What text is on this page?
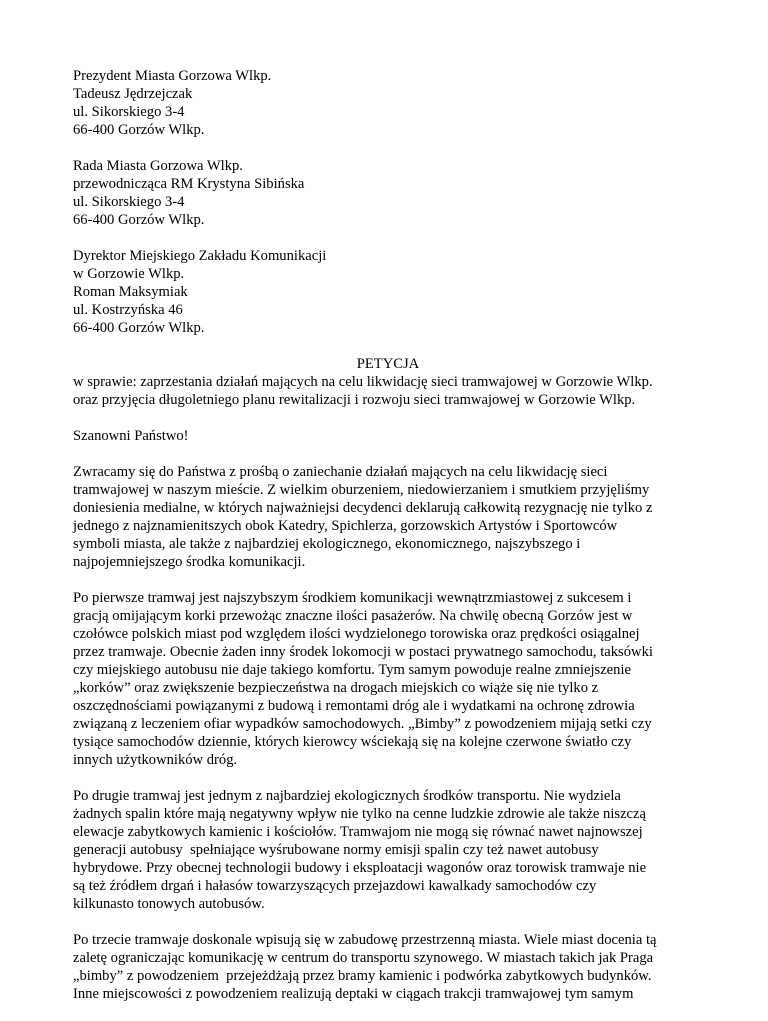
Prezydent Miasta Gorzowa Wlkp.
Tadeusz Jędrzejczak
ul. Sikorskiego 3-4
66-400 Gorzów Wlkp.
Rada Miasta Gorzowa Wlkp.
przewodnicząca RM Krystyna Sibińska
ul. Sikorskiego 3-4
66-400 Gorzów Wlkp.
Dyrektor Miejskiego Zakładu Komunikacji
w Gorzowie Wlkp.
Roman Maksymiak
ul. Kostrzyńska 46
66-400 Gorzów Wlkp.
PETYCJA
w sprawie: zaprzestania działań mających na celu likwidację sieci tramwajowej w Gorzowie Wlkp.
oraz przyjęcia długoletniego planu rewitalizacji i rozwoju sieci tramwajowej w Gorzowie Wlkp.
Szanowni Państwo!
Zwracamy się do Państwa z prośbą o zaniechanie działań mających na celu likwidację sieci
tramwajowej w naszym mieście. Z wielkim oburzeniem, niedowierzaniem i smutkiem przyjęliśmy
doniesienia medialne, w których najważniejsi decydenci deklarują całkowitą rezygnację nie tylko z
jednego z najznamienitszych obok Katedry, Spichlerza, gorzowskich Artystów i Sportowców
symboli miasta, ale także z najbardziej ekologicznego, ekonomicznego, najszybszego i
najpojemniejszego środka komunikacji.
Po pierwsze tramwaj jest najszybszym środkiem komunikacji wewnątrzmiastowej z sukcesem i
gracją omijającym korki przewożąc znaczne ilości pasażerów. Na chwilę obecną Gorzów jest w
czołówce polskich miast pod względem ilości wydzielonego torowiska oraz prędkości osiągalnej
przez tramwaje. Obecnie żaden inny środek lokomocji w postaci prywatnego samochodu, taksówki
czy miejskiego autobusu nie daje takiego komfortu. Tym samym powoduje realne zmniejszenie
„korków” oraz zwiększenie bezpieczeństwa na drogach miejskich co wiąże się nie tylko z
oszczędnościami powiązanymi z budową i remontami dróg ale i wydatkami na ochronę zdrowia
związaną z leczeniem ofiar wypadków samochodowych. „Bimby” z powodzeniem mijają setki czy
tysiące samochodów dziennie, których kierowcy wściekają się na kolejne czerwone światło czy
innych użytkowników dróg.
Po drugie tramwaj jest jednym z najbardziej ekologicznych środków transportu. Nie wydziela
żadnych spalin które mają negatywny wpływ nie tylko na cenne ludzkie zdrowie ale także niszczą
elewacje zabytkowych kamienic i kościołów. Tramwajom nie mogą się równać nawet najnowszej
generacji autobusy  spełniające wyśrubowane normy emisji spalin czy też nawet autobusy
hybrydowe. Przy obecnej technologii budowy i eksploatacji wagonów oraz torowisk tramwaje nie
są też źródłem drgań i hałasów towarzyszących przejazdowi kawalkady samochodów czy
kilkunasto tonowych autobusów.
Po trzecie tramwaje doskonale wpisują się w zabudowę przestrzenną miasta. Wiele miast docenia tą
zaletę ograniczając komunikację w centrum do transportu szynowego. W miastach takich jak Praga
„bimby” z powodzeniem  przejeżdżają przez bramy kamienic i podwórka zabytkowych budynków.
Inne miejscowości z powodzeniem realizują deptaki w ciągach trakcji tramwajowej tym samym
